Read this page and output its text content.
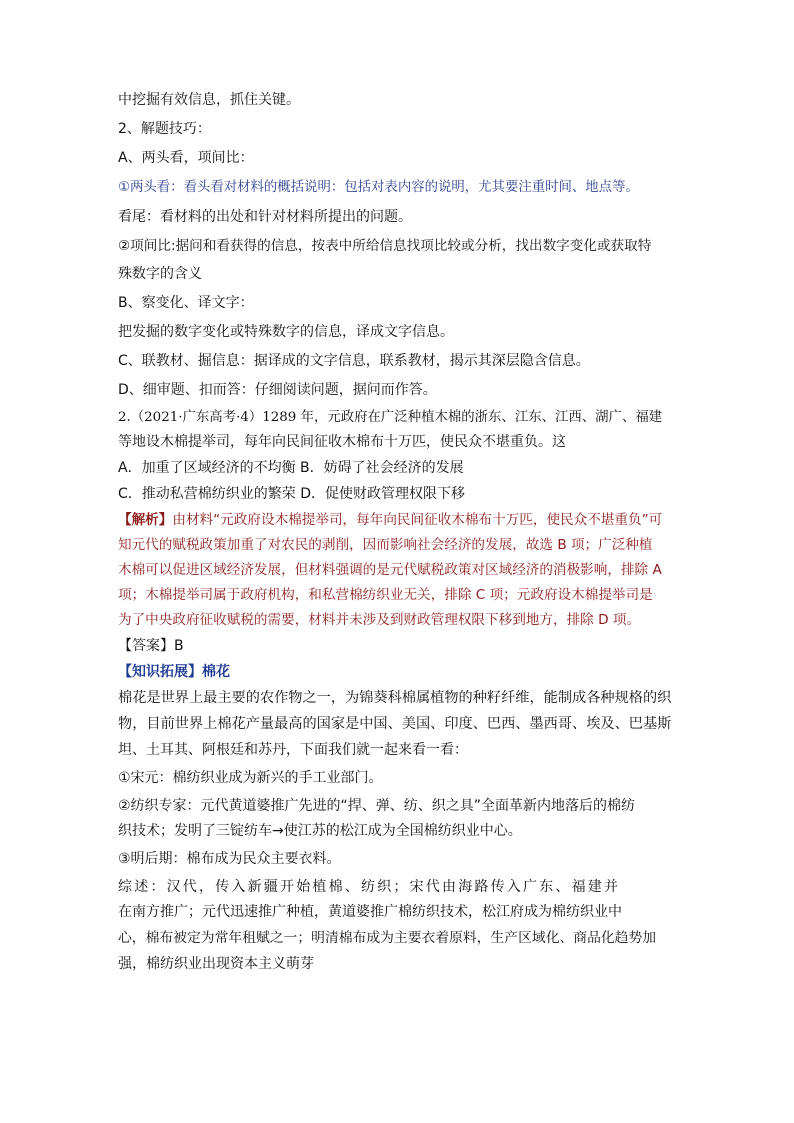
中挖掘有效信息，抓住关键。
2、解题技巧：
A、两头看，项间比：
①两头看：看头看对材料的概括说明：包括对表内容的说明，尤其要注重时间、地点等。
看尾：看材料的出处和针对材料所提出的问题。
②项间比:据问和看获得的信息，按表中所给信息找项比较或分析，找出数字变化或获取特
殊数字的含义
B、察变化、译文字：
把发掘的数字变化或特殊数字的信息，译成文字信息。
C、联教材、掘信息：据译成的文字信息，联系教材，揭示其深层隐含信息。
D、细审题、扣而答：仔细阅读问题，据问而作答。
2.（2021·广东高考·4）1289 年，元政府在广泛种植木棉的浙东、江东、江西、湖广、福建
等地设木棉提举司，每年向民间征收木棉布十万匹，使民众不堪重负。这
A．加重了区域经济的不均衡 B．妨碍了社会经济的发展
C．推动私营棉纺织业的繁荣 D．促使财政管理权限下移
【解析】由材料“元政府设木棉提举司，每年向民间征收木棉布十万匹，使民众不堪重负”可
知元代的赋税政策加重了对农民的剥削，因而影响社会经济的发展，故选 B 项；广泛种植
木棉可以促进区域经济发展，但材料强调的是元代赋税政策对区域经济的消极影响，排除 A
项；木棉提举司属于政府机构，和私营棉纺织业无关，排除 C 项；元政府设木棉提举司是
为了中央政府征收赋税的需要，材料并未涉及到财政管理权限下移到地方，排除 D 项。
【答案】B
【知识拓展】棉花
棉花是世界上最主要的农作物之一，为锦葵科棉属植物的种籽纤维，能制成各种规格的织
物，目前世界上棉花产量最高的国家是中国、美国、印度、巴西、墨西哥、埃及、巴基斯
坦、土耳其、阿根廷和苏丹，下面我们就一起来看一看：
①宋元：棉纺织业成为新兴的手工业部门。
②纺织专家：元代黄道婆推广先进的“捍、弹、纺、织之具”全面革新内地落后的棉纺
织技术；发明了三锭纺车→使江苏的松江成为全国棉纺织业中心。
③明后期：棉布成为民众主要衣料。
综述：汉代，传入新疆开始植棉、纺织；宋代由海路传入广东、福建并
在南方推广；元代迅速推广种植，黄道婆推广棉纺织技术，松江府成为棉纺织业中
心，棉布被定为常年租赋之一；明清棉布成为主要衣着原料，生产区域化、商品化趋势加
强，棉纺织业出现资本主义萌芽
